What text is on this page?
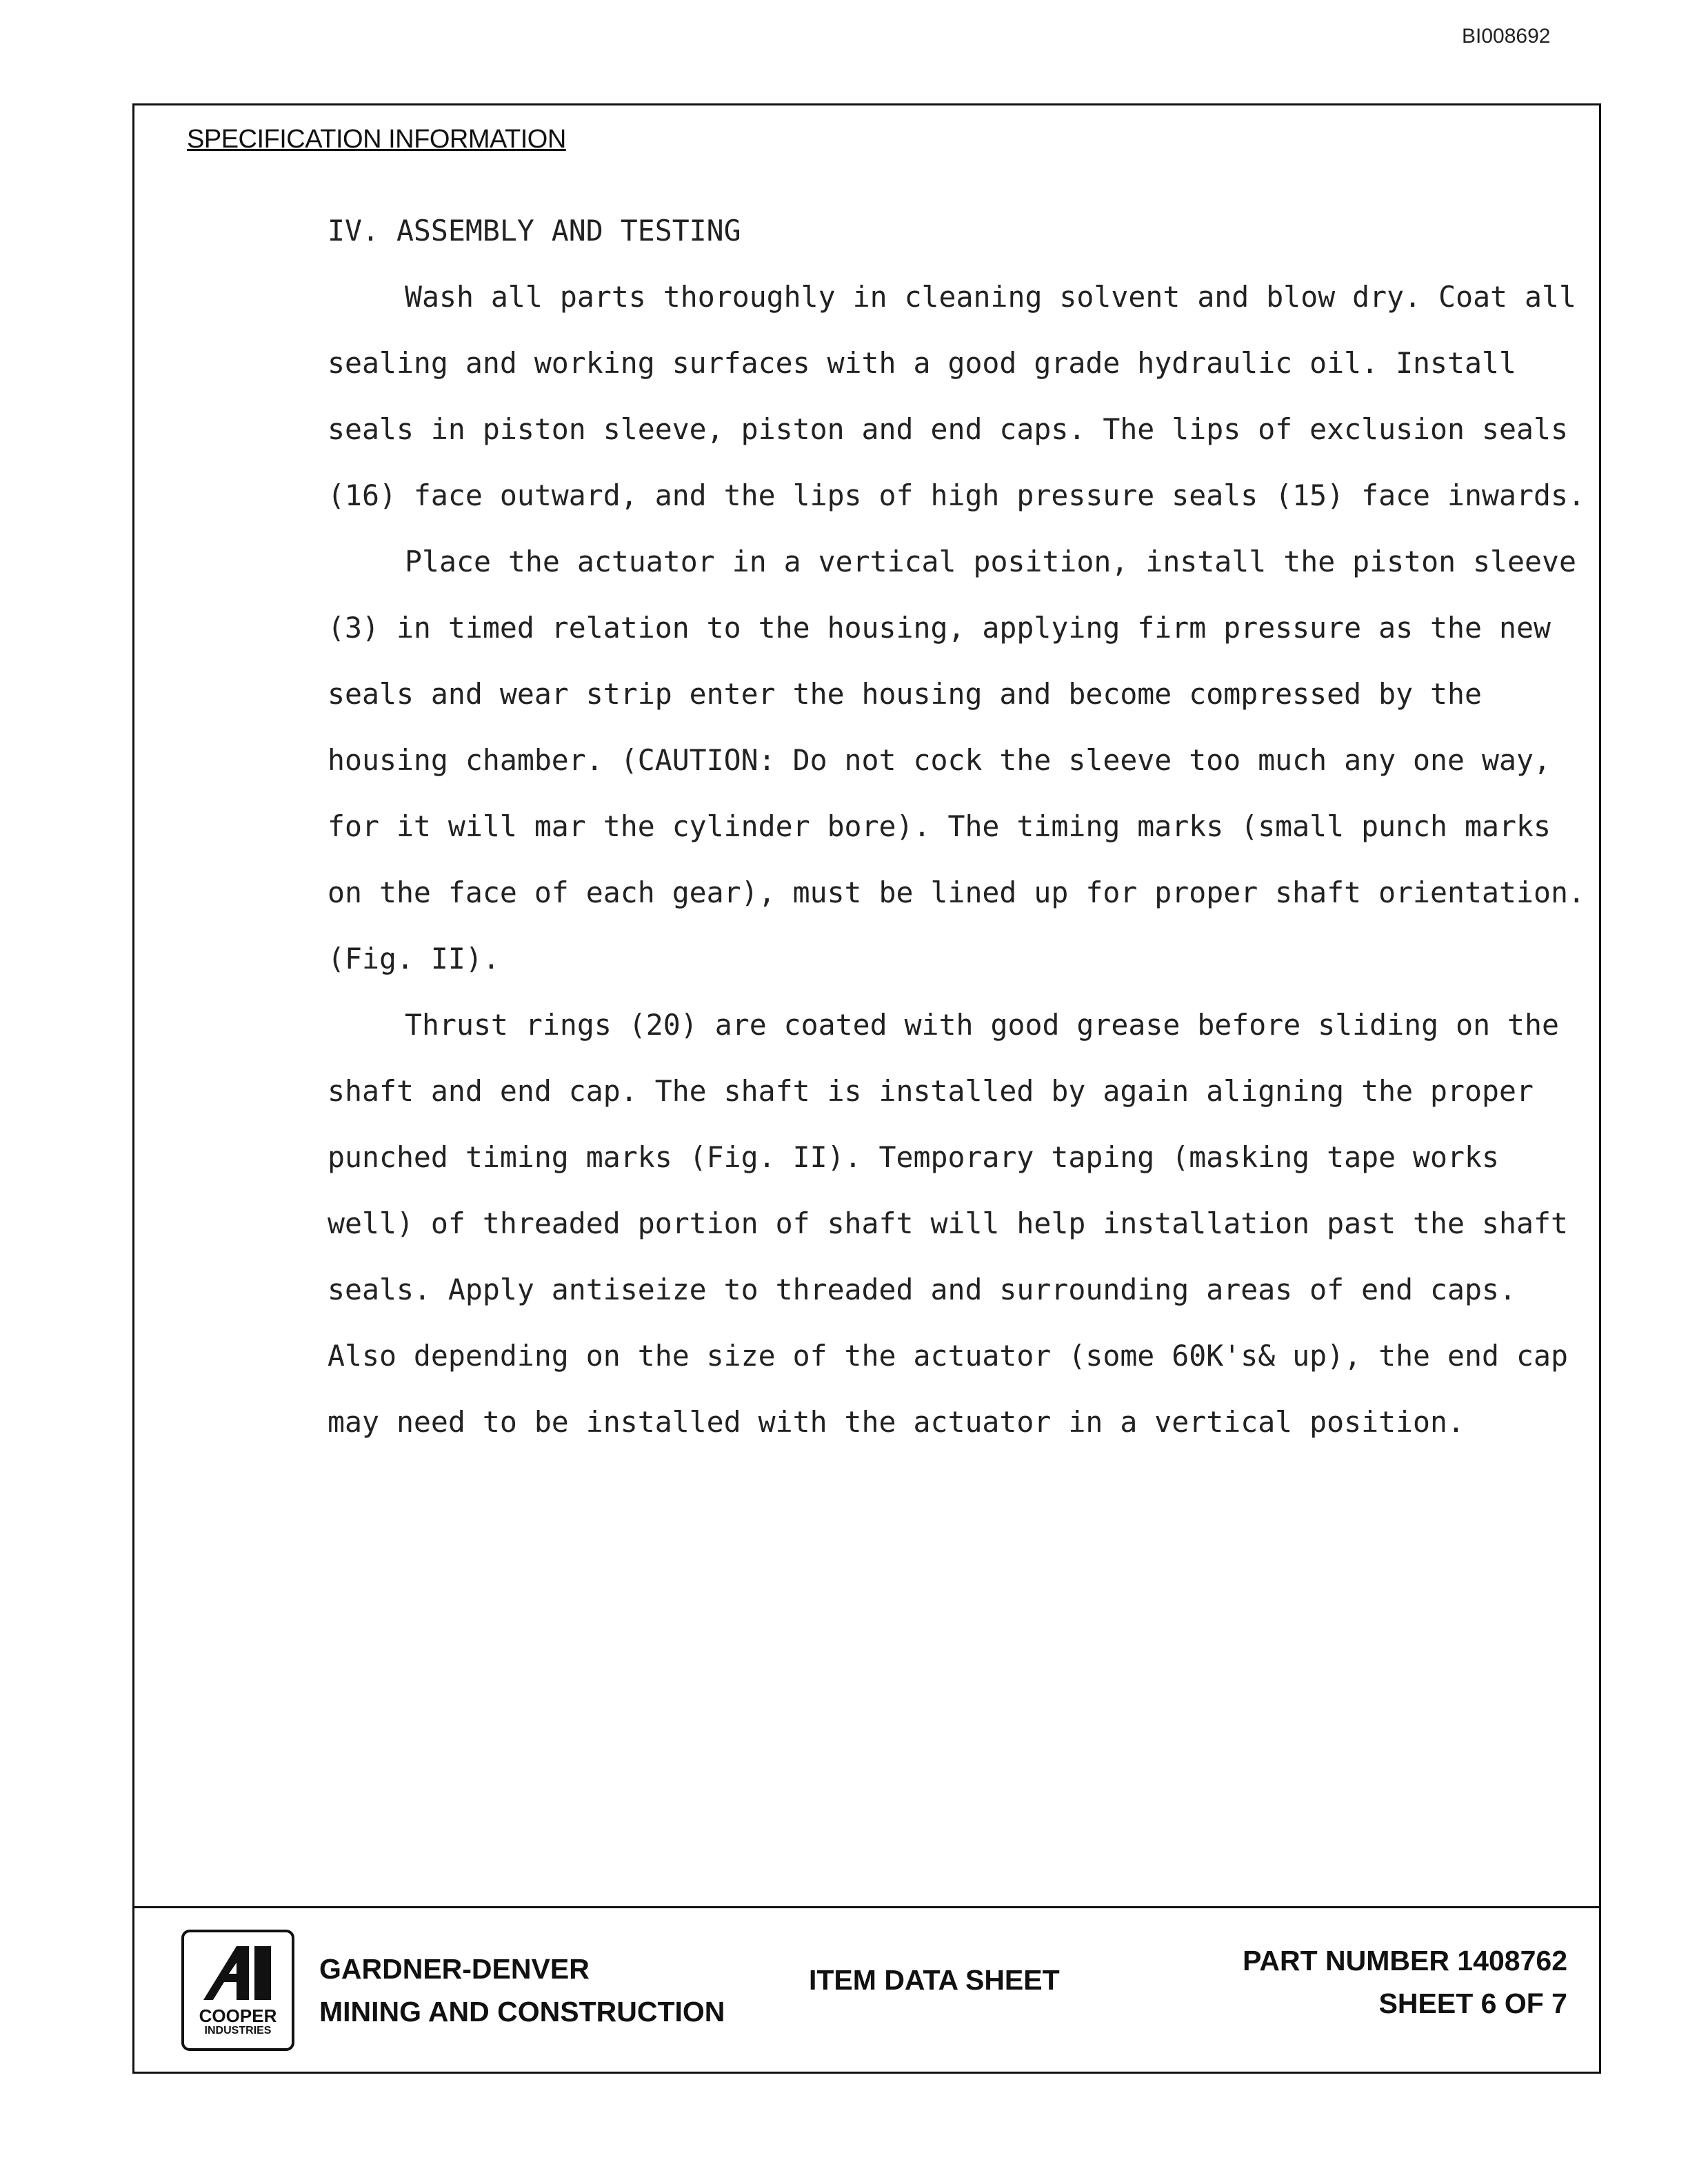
BI008692
SPECIFICATION INFORMATION
IV. ASSEMBLY AND TESTING

Wash all parts thoroughly in cleaning solvent and blow dry. Coat all sealing and working surfaces with a good grade hydraulic oil. Install seals in piston sleeve, piston and end caps. The lips of exclusion seals (16) face outward, and the lips of high pressure seals (15) face inwards.

Place the actuator in a vertical position, install the piston sleeve (3) in timed relation to the housing, applying firm pressure as the new seals and wear strip enter the housing and become compressed by the housing chamber. (CAUTION: Do not cock the sleeve too much any one way, for it will mar the cylinder bore). The timing marks (small punch marks on the face of each gear), must be lined up for proper shaft orientation. (Fig. II).

Thrust rings (20) are coated with good grease before sliding on the shaft and end cap. The shaft is installed by again aligning the proper punched timing marks (Fig. II). Temporary taping (masking tape works well) of threaded portion of shaft will help installation past the shaft seals. Apply antiseize to threaded and surrounding areas of end caps. Also depending on the size of the actuator (some 60K's& up), the end cap may need to be installed with the actuator in a vertical position.

COOPER
INDUSTRIES
GARDNER-DENVER
MINING AND CONSTRUCTION
ITEM DATA SHEET
PART NUMBER 1408762
SHEET 6 OF 7
